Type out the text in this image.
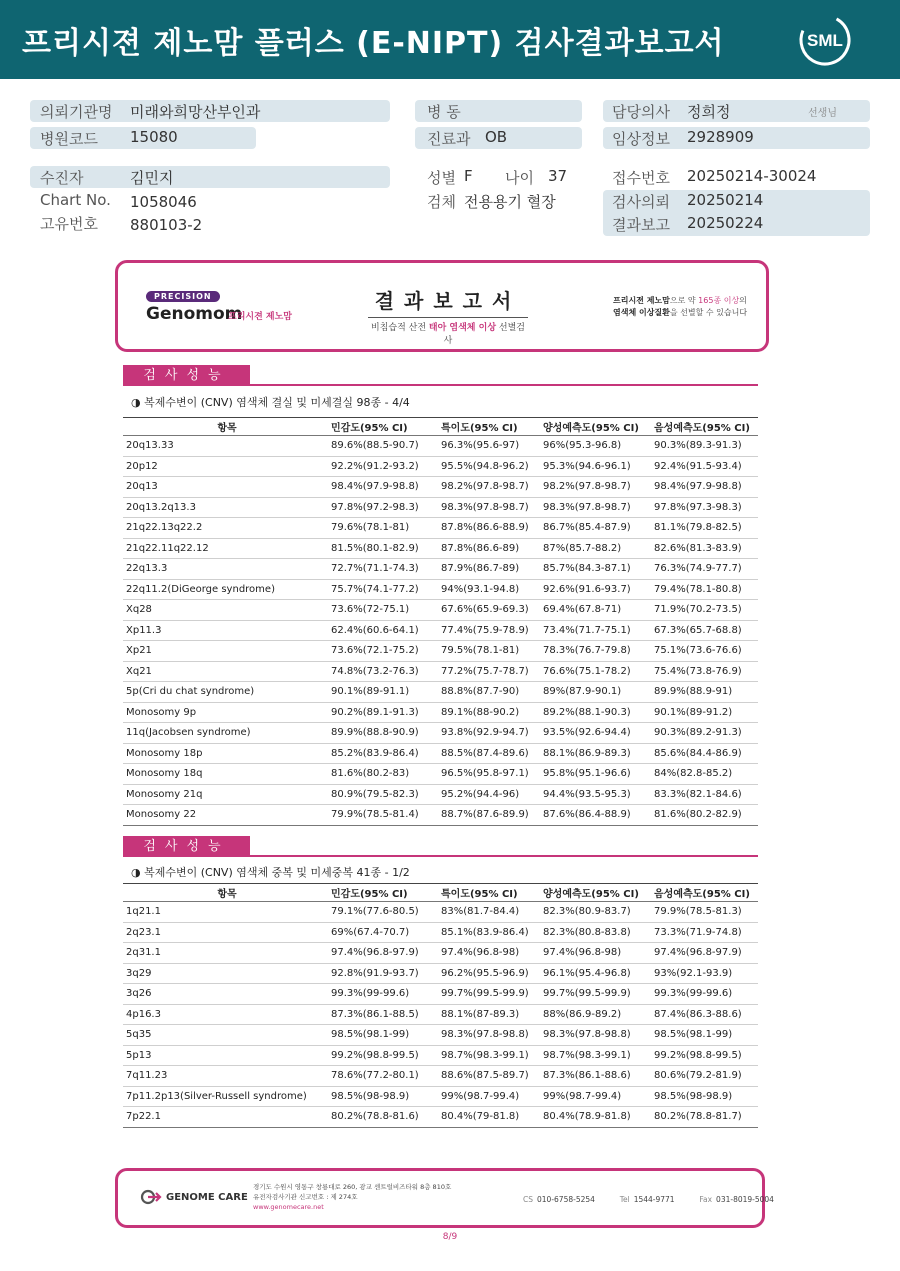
프리시젼 제노맘 플러스 (E-NIPT) 검사결과보고서	SML
의뢰기관명 미래와희망산부인과
병원코드 15080
병 동
진료과 OB
담당의사 정희정	선생님
임상정보 2928909
수진자	김민지
Chart No. 1058046
고유번호 880103-2
성별 F 나이 37
검체 전용용기 혈장
접수번호 20250214-30024
검사의뢰 20250214
결과보고 20250224
PRECISION
Genomom
프리시젼 제노맘
결과보고서
비침습적 산전 태아 염색체 이상 선별검사
프리시젼 제노맘으로 약 165종 이상의
염색체 이상질환을 선별할 수 있습니다
검사성능
◑ 복제수변이 (CNV) 염색체 결실 및 미세결실 98종 - 4/4
항목	민감도(95% CI)	특이도(95% CI)	양성예측도(95% CI)	음성예측도(95% CI)
20q13.33	89.6%(88.5-90.7)	96.3%(95.6-97)	96%(95.3-96.8)	90.3%(89.3-91.3)
20p12	92.2%(91.2-93.2)	95.5%(94.8-96.2)	95.3%(94.6-96.1)	92.4%(91.5-93.4)
20q13	98.4%(97.9-98.8)	98.2%(97.8-98.7)	98.2%(97.8-98.7)	98.4%(97.9-98.8)
20q13.2q13.3	97.8%(97.2-98.3)	98.3%(97.8-98.7)	98.3%(97.8-98.7)	97.8%(97.3-98.3)
21q22.13q22.2	79.6%(78.1-81)	87.8%(86.6-88.9)	86.7%(85.4-87.9)	81.1%(79.8-82.5)
21q22.11q22.12	81.5%(80.1-82.9)	87.8%(86.6-89)	87%(85.7-88.2)	82.6%(81.3-83.9)
22q13.3	72.7%(71.1-74.3)	87.9%(86.7-89)	85.7%(84.3-87.1)	76.3%(74.9-77.7)
22q11.2(DiGeorge syndrome)	75.7%(74.1-77.2)	94%(93.1-94.8)	92.6%(91.6-93.7)	79.4%(78.1-80.8)
Xq28	73.6%(72-75.1)	67.6%(65.9-69.3)	69.4%(67.8-71)	71.9%(70.2-73.5)
Xp11.3	62.4%(60.6-64.1)	77.4%(75.9-78.9)	73.4%(71.7-75.1)	67.3%(65.7-68.8)
Xp21	73.6%(72.1-75.2)	79.5%(78.1-81)	78.3%(76.7-79.8)	75.1%(73.6-76.6)
Xq21	74.8%(73.2-76.3)	77.2%(75.7-78.7)	76.6%(75.1-78.2)	75.4%(73.8-76.9)
5p(Cri du chat syndrome)	90.1%(89-91.1)	88.8%(87.7-90)	89%(87.9-90.1)	89.9%(88.9-91)
Monosomy 9p	90.2%(89.1-91.3)	89.1%(88-90.2)	89.2%(88.1-90.3)	90.1%(89-91.2)
11q(Jacobsen syndrome)	89.9%(88.8-90.9)	93.8%(92.9-94.7)	93.5%(92.6-94.4)	90.3%(89.2-91.3)
Monosomy 18p	85.2%(83.9-86.4)	88.5%(87.4-89.6)	88.1%(86.9-89.3)	85.6%(84.4-86.9)
Monosomy 18q	81.6%(80.2-83)	96.5%(95.8-97.1)	95.8%(95.1-96.6)	84%(82.8-85.2)
Monosomy 21q	80.9%(79.5-82.3)	95.2%(94.4-96)	94.4%(93.5-95.3)	83.3%(82.1-84.6)
Monosomy 22	79.9%(78.5-81.4)	88.7%(87.6-89.9)	87.6%(86.4-88.9)	81.6%(80.2-82.9)
검사성능
◑ 복제수변이 (CNV) 염색체 중복 및 미세중복 41종 - 1/2
항목	민감도(95% CI)	특이도(95% CI)	양성예측도(95% CI)	음성예측도(95% CI)
1q21.1	79.1%(77.6-80.5)	83%(81.7-84.4)	82.3%(80.9-83.7)	79.9%(78.5-81.3)
2q23.1	69%(67.4-70.7)	85.1%(83.9-86.4)	82.3%(80.8-83.8)	73.3%(71.9-74.8)
2q31.1	97.4%(96.8-97.9)	97.4%(96.8-98)	97.4%(96.8-98)	97.4%(96.8-97.9)
3q29	92.8%(91.9-93.7)	96.2%(95.5-96.9)	96.1%(95.4-96.8)	93%(92.1-93.9)
3q26	99.3%(99-99.6)	99.7%(99.5-99.9)	99.7%(99.5-99.9)	99.3%(99-99.6)
4p16.3	87.3%(86.1-88.5)	88.1%(87-89.3)	88%(86.9-89.2)	87.4%(86.3-88.6)
5q35	98.5%(98.1-99)	98.3%(97.8-98.8)	98.3%(97.8-98.8)	98.5%(98.1-99)
5p13	99.2%(98.8-99.5)	98.7%(98.3-99.1)	98.7%(98.3-99.1)	99.2%(98.8-99.5)
7q11.23	78.6%(77.2-80.1)	88.6%(87.5-89.7)	87.3%(86.1-88.6)	80.6%(79.2-81.9)
7p11.2p13(Silver-Russell syndrome)	98.5%(98-98.9)	99%(98.7-99.4)	99%(98.7-99.4)	98.5%(98-98.9)
7p22.1	80.2%(78.8-81.6)	80.4%(79-81.8)	80.4%(78.9-81.8)	80.2%(78.8-81.7)
GENOME CARE
경기도 수원시 영통구 창룡대로 260, 광교 센트럴비즈타워 8층 810호
유전자검사기관 신고번호 : 제 274호
www.genomecare.net
CS 010-6758-5254	Tel 1544-9771	Fax 031-8019-5004
8/9
